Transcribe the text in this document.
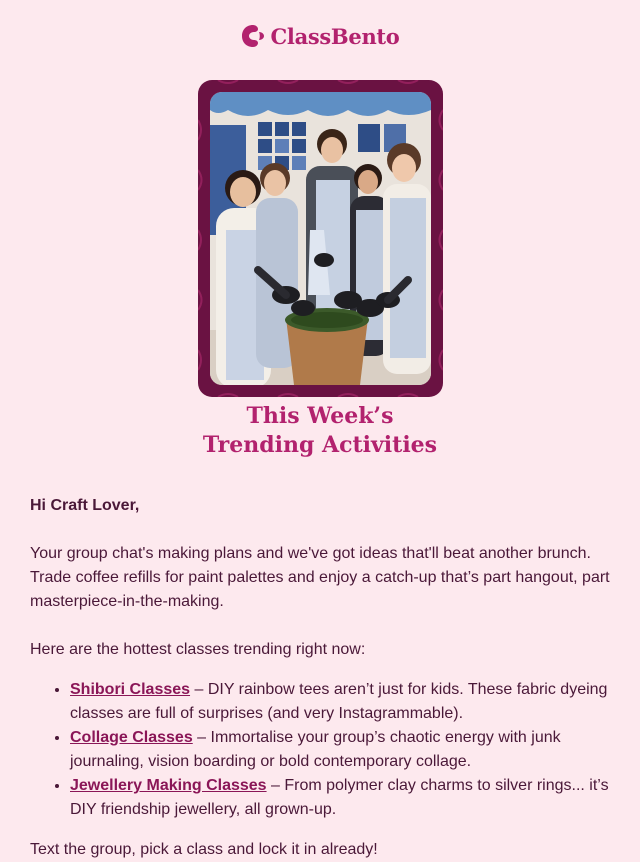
ClassBento
This Week’s
Trending Activities

Hi Craft Lover,

Your group chat's making plans and we've got ideas that'll beat another brunch. Trade coffee refills for paint palettes and enjoy a catch-up that’s part hangout, part masterpiece-in-the-making.

Here are the hottest classes trending right now:

• Shibori Classes – DIY rainbow tees aren’t just for kids. These fabric dyeing classes are full of surprises (and very Instagrammable).
• Collage Classes – Immortalise your group’s chaotic energy with junk journaling, vision boarding or bold contemporary collage.
• Jewellery Making Classes – From polymer clay charms to silver rings... it’s DIY friendship jewellery, all grown-up.

Text the group, pick a class and lock it in already!
